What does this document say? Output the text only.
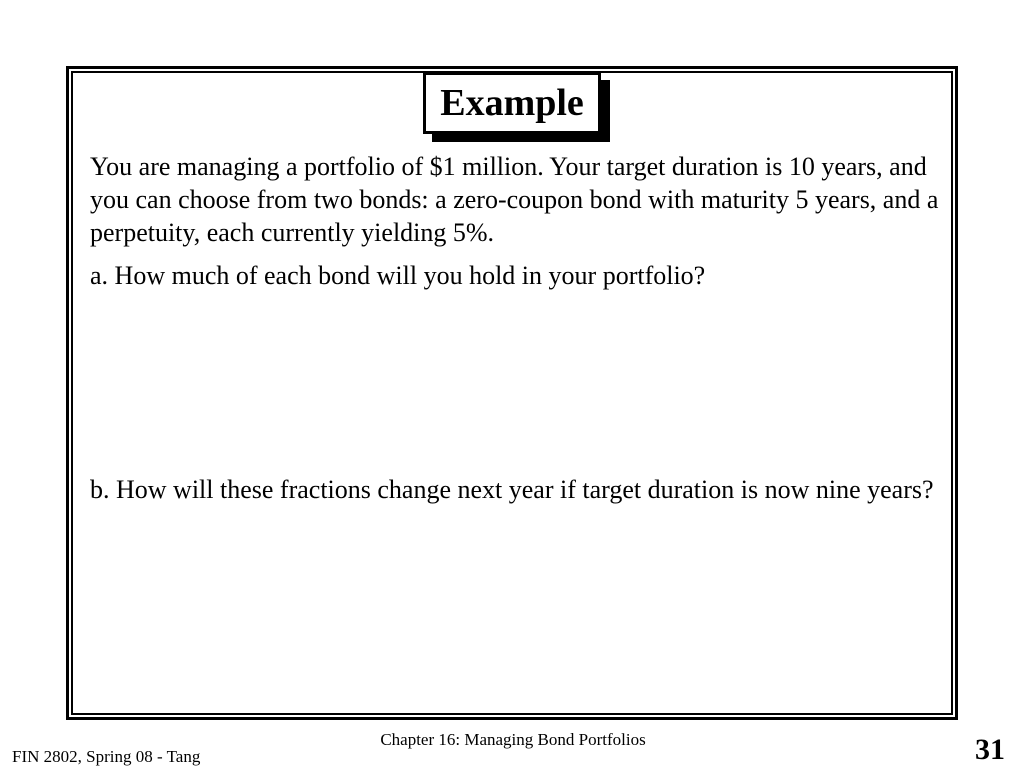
Example

You are managing a portfolio of $1 million. Your target duration is 10 years, and you can choose from two bonds: a zero-coupon bond with maturity 5 years, and a perpetuity, each currently yielding 5%.

a. How much of each bond will you hold in your portfolio?

b. How will these fractions change next year if target duration is now nine years?

Chapter 16: Managing Bond Portfolios
FIN 2802, Spring 08 - Tang	31
